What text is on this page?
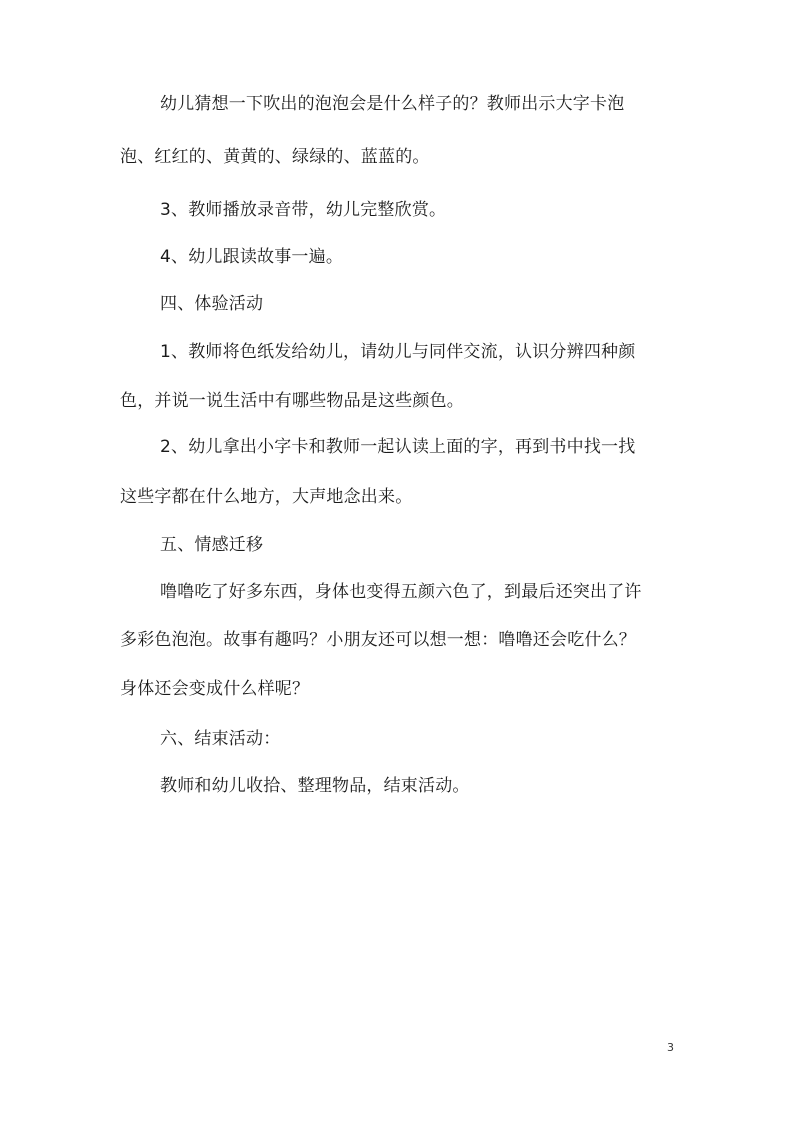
幼儿猜想一下吹出的泡泡会是什么样子的？教师出示大字卡泡
泡、红红的、黄黄的、绿绿的、蓝蓝的。
3、教师播放录音带，幼儿完整欣赏。
4、幼儿跟读故事一遍。
四、体验活动
1、教师将色纸发给幼儿，请幼儿与同伴交流，认识分辨四种颜
色，并说一说生活中有哪些物品是这些颜色。
2、幼儿拿出小字卡和教师一起认读上面的字，再到书中找一找
这些字都在什么地方，大声地念出来。
五、情感迁移
噜噜吃了好多东西，身体也变得五颜六色了，到最后还突出了许
多彩色泡泡。故事有趣吗？小朋友还可以想一想：噜噜还会吃什么？
身体还会变成什么样呢？
六、结束活动：
教师和幼儿收拾、整理物品，结束活动。
3
